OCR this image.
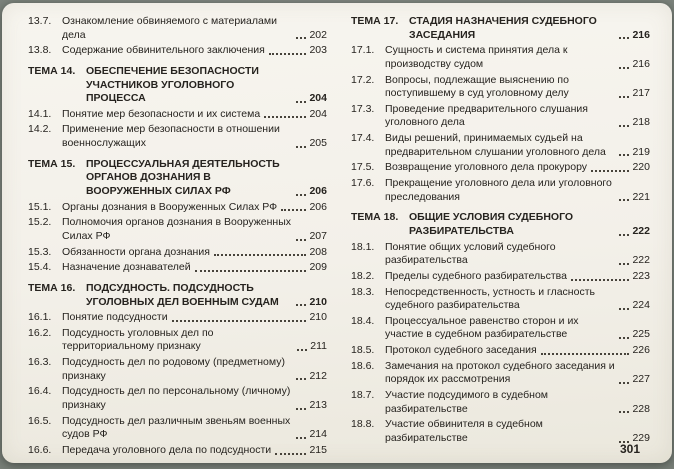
13.7.	Ознакомление обвиняемого с материалами дела	202
13.8.	Содержание обвинительного заключения	203
ТЕМА 14.	ОБЕСПЕЧЕНИЕ БЕЗОПАСНОСТИ УЧАСТНИКОВ УГОЛОВНОГО ПРОЦЕССА	204
14.1.	Понятие мер безопасности и их система	204
14.2.	Применение мер безопасности в отношении военнослужащих	205
ТЕМА 15.	ПРОЦЕССУАЛЬНАЯ ДЕЯТЕЛЬНОСТЬ ОРГАНОВ ДОЗНАНИЯ В ВООРУЖЕННЫХ СИЛАХ РФ	206
15.1.	Органы дознания в Вооруженных Силах РФ	206
15.2.	Полномочия органов дознания в Вооруженных Силах РФ	207
15.3.	Обязанности органа дознания	208
15.4.	Назначение дознавателей	209
ТЕМА 16.	ПОДСУДНОСТЬ. ПОДСУДНОСТЬ УГОЛОВНЫХ ДЕЛ ВОЕННЫМ СУДАМ	210
16.1.	Понятие подсудности	210
16.2.	Подсудность уголовных дел по территориальному признаку	211
16.3.	Подсудность дел по родовому (предметному) признаку	212
16.4.	Подсудность дел по персональному (личному) признаку	213
16.5.	Подсудность дел различным звеньям военных судов РФ	214
16.6.	Передача уголовного дела по подсудности	215
ТЕМА 17.	СТАДИЯ НАЗНАЧЕНИЯ СУДЕБНОГО ЗАСЕДАНИЯ	216
17.1.	Сущность и система принятия дела к производству судом	216
17.2.	Вопросы, подлежащие выяснению по поступившему в суд уголовному делу	217
17.3.	Проведение предварительного слушания уголовного дела	218
17.4.	Виды решений, принимаемых судьей на предварительном слушании уголовного дела	219
17.5.	Возвращение уголовного дела прокурору	220
17.6.	Прекращение уголовного дела или уголовного преследования	221
ТЕМА 18.	ОБЩИЕ УСЛОВИЯ СУДЕБНОГО РАЗБИРАТЕЛЬСТВА	222
18.1.	Понятие общих условий судебного разбирательства	222
18.2.	Пределы судебного разбирательства	223
18.3.	Непосредственность, устность и гласность судебного разбирательства	224
18.4.	Процессуальное равенство сторон и их участие в судебном разбирательстве	225
18.5.	Протокол судебного заседания	226
18.6.	Замечания на протокол судебного заседания и порядок их рассмотрения	227
18.7.	Участие подсудимого в судебном разбирательстве	228
18.8.	Участие обвинителя в судебном разбирательстве	229
301
